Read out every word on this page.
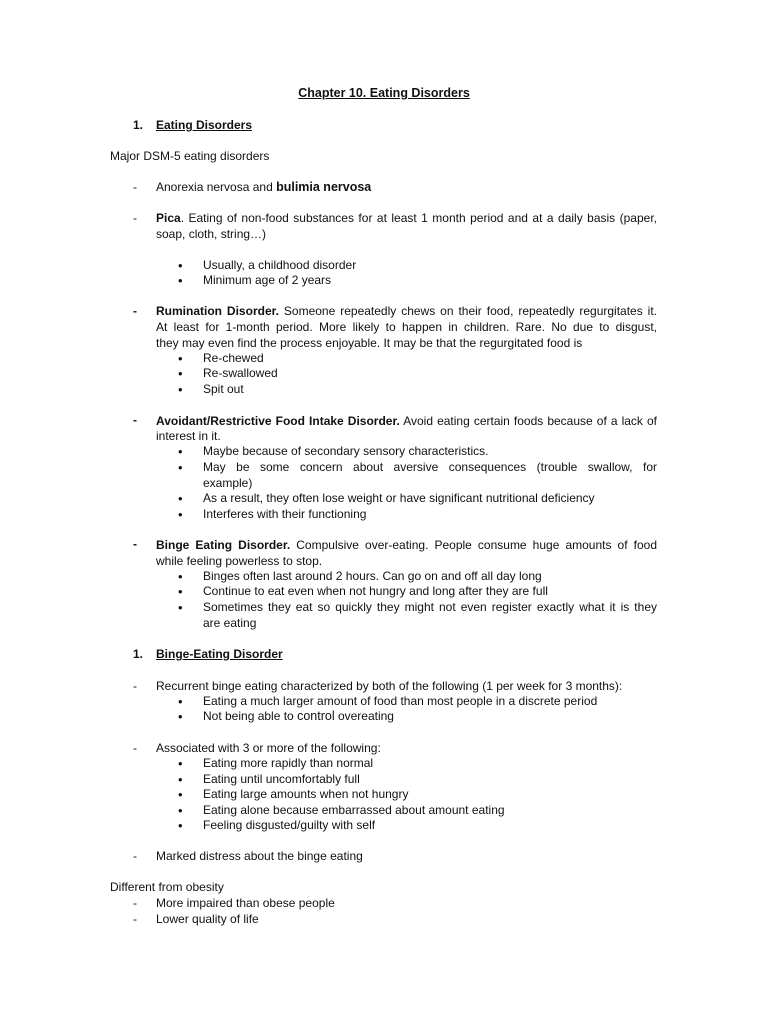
Chapter 10. Eating Disorders
1. Eating Disorders
Major DSM-5 eating disorders
- Anorexia nervosa and bulimia nervosa
- Pica. Eating of non-food substances for at least 1 month period and at a daily basis (paper,
soap, cloth, string…)
• Usually, a childhood disorder
• Minimum age of 2 years
- Rumination Disorder. Someone repeatedly chews on their food, repeatedly regurgitates it.
At least for 1-month period. More likely to happen in children. Rare. No due to disgust,
they may even find the process enjoyable. It may be that the regurgitated food is
• Re-chewed
• Re-swallowed
• Spit out
- Avoidant/Restrictive Food Intake Disorder. Avoid eating certain foods because of a lack of
interest in it.
• Maybe because of secondary sensory characteristics.
• May be some concern about aversive consequences (trouble swallow, for
example)
• As a result, they often lose weight or have significant nutritional deficiency
• Interferes with their functioning
- Binge Eating Disorder. Compulsive over-eating. People consume huge amounts of food
while feeling powerless to stop.
• Binges often last around 2 hours. Can go on and off all day long
• Continue to eat even when not hungry and long after they are full
• Sometimes they eat so quickly they might not even register exactly what it is they
are eating
1. Binge-Eating Disorder
- Recurrent binge eating characterized by both of the following (1 per week for 3 months):
• Eating a much larger amount of food than most people in a discrete period
• Not being able to control overeating
- Associated with 3 or more of the following:
• Eating more rapidly than normal
• Eating until uncomfortably full
• Eating large amounts when not hungry
• Eating alone because embarrassed about amount eating
• Feeling disgusted/guilty with self
- Marked distress about the binge eating
Different from obesity
- More impaired than obese people
- Lower quality of life
